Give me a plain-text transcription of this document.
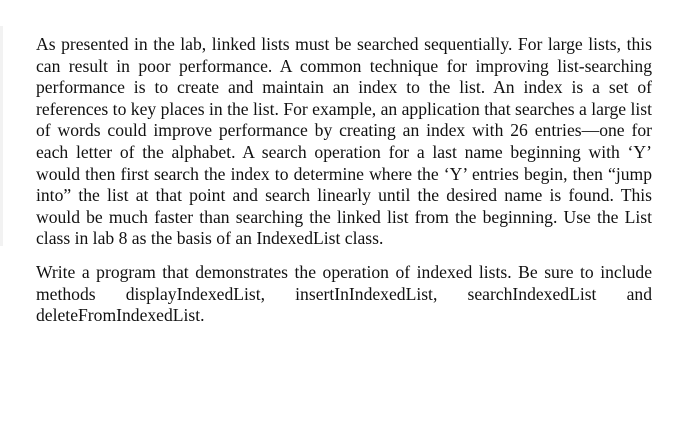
As presented in the lab, linked lists must be searched sequentially. For large lists, this can result in poor performance. A common technique for improving list-searching performance is to create and maintain an index to the list. An index is a set of references to key places in the list. For example, an application that searches a large list of words could improve performance by creating an index with 26 entries—one for each letter of the alphabet. A search operation for a last name beginning with ‘Y’ would then first search the index to determine where the ‘Y’ entries begin, then “jump into” the list at that point and search linearly until the desired name is found. This would be much faster than searching the linked list from the beginning. Use the List class in lab 8 as the basis of an IndexedList class.

Write a program that demonstrates the operation of indexed lists. Be sure to include methods displayIndexedList, insertInIndexedList, searchIndexedList and deleteFromIndexedList.
